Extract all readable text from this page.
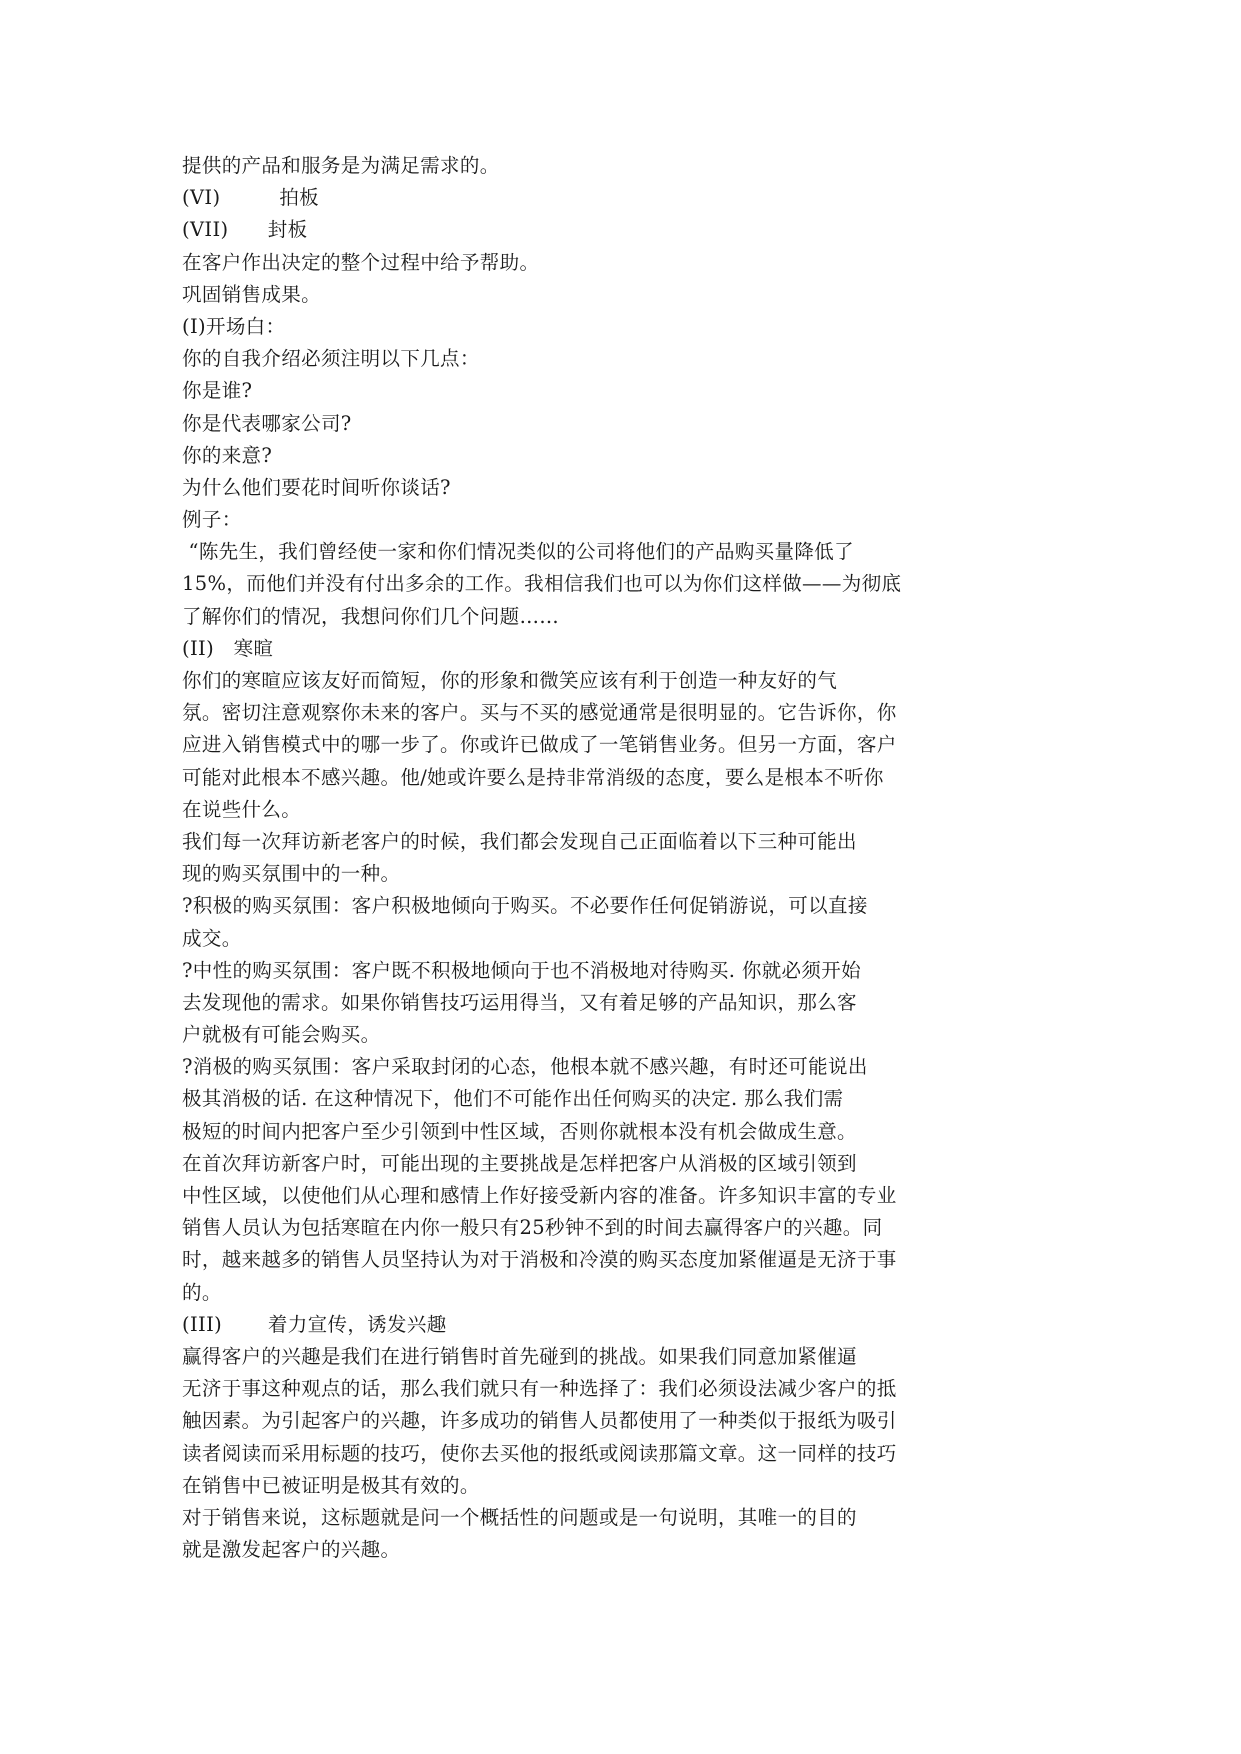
提供的产品和服务是为满足需求的。
(VI)         拍板
(VII)      封板
在客户作出决定的整个过程中给予帮助。
巩固销售成果。
(I)开场白：
你的自我介绍必须注明以下几点：
你是谁?
你是代表哪家公司?
你的来意?
为什么他们要花时间听你谈话?
例子：
“陈先生，我们曾经使一家和你们情况类似的公司将他们的产品购买量降低了
15%，而他们并没有付出多余的工作。我相信我们也可以为你们这样做——为彻底
了解你们的情况，我想问你们几个问题……
(II)   寒暄
你们的寒暄应该友好而简短，你的形象和微笑应该有利于创造一种友好的气
氛。密切注意观察你未来的客户。买与不买的感觉通常是很明显的。它告诉你，你
应进入销售模式中的哪一步了。你或许已做成了一笔销售业务。但另一方面，客户
可能对此根本不感兴趣。他/她或许要么是持非常消级的态度，要么是根本不听你
在说些什么。
我们每一次拜访新老客户的时候，我们都会发现自己正面临着以下三种可能出
现的购买氛围中的一种。
?积极的购买氛围：客户积极地倾向于购买。不必要作任何促销游说，可以直接
成交。
?中性的购买氛围：客户既不积极地倾向于也不消极地对待购买. 你就必须开始
去发现他的需求。如果你销售技巧运用得当，又有着足够的产品知识，那么客
户就极有可能会购买。
?消极的购买氛围：客户采取封闭的心态，他根本就不感兴趣，有时还可能说出
极其消极的话. 在这种情况下，他们不可能作出任何购买的决定. 那么我们需
极短的时间内把客户至少引领到中性区域，否则你就根本没有机会做成生意。
在首次拜访新客户时，可能出现的主要挑战是怎样把客户从消极的区域引领到
中性区域，以使他们从心理和感情上作好接受新内容的准备。许多知识丰富的专业
销售人员认为包括寒暄在内你一般只有25秒钟不到的时间去赢得客户的兴趣。同
时，越来越多的销售人员坚持认为对于消极和冷漠的购买态度加紧催逼是无济于事
的。
(III)       着力宣传，诱发兴趣
赢得客户的兴趣是我们在进行销售时首先碰到的挑战。如果我们同意加紧催逼
无济于事这种观点的话，那么我们就只有一种选择了：我们必须设法减少客户的抵
触因素。为引起客户的兴趣，许多成功的销售人员都使用了一种类似于报纸为吸引
读者阅读而采用标题的技巧，使你去买他的报纸或阅读那篇文章。这一同样的技巧
在销售中已被证明是极其有效的。
对于销售来说，这标题就是问一个概括性的问题或是一句说明，其唯一的目的
就是激发起客户的兴趣。
